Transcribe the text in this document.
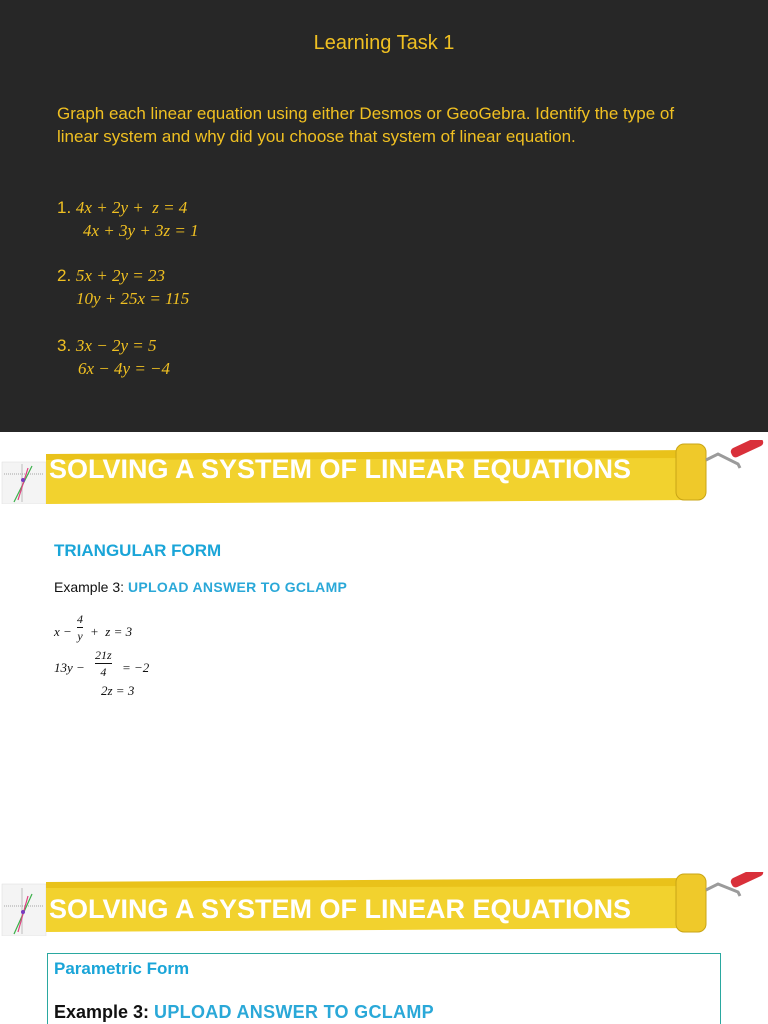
Learning Task 1
Graph each linear equation using either Desmos or GeoGebra. Identify the type of linear system and why did you choose that system of linear equation.
1. 4x + 2y +  z = 4
4x + 3y + 3z = 1
2. 5x + 2y = 23
10y + 25x = 115
3. 3x − 2y = 5
6x − 4y = −4
SOLVING A SYSTEM OF LINEAR EQUATIONS
TRIANGULAR FORM
Example 3: UPLOAD ANSWER TO GCLAMP
x −
4
y +  z = 3
13y −
21z
4	= −2
2z = 3
SOLVING A SYSTEM OF LINEAR EQUATIONS
Parametric Form
Example 3: UPLOAD ANSWER TO GCLAMP
